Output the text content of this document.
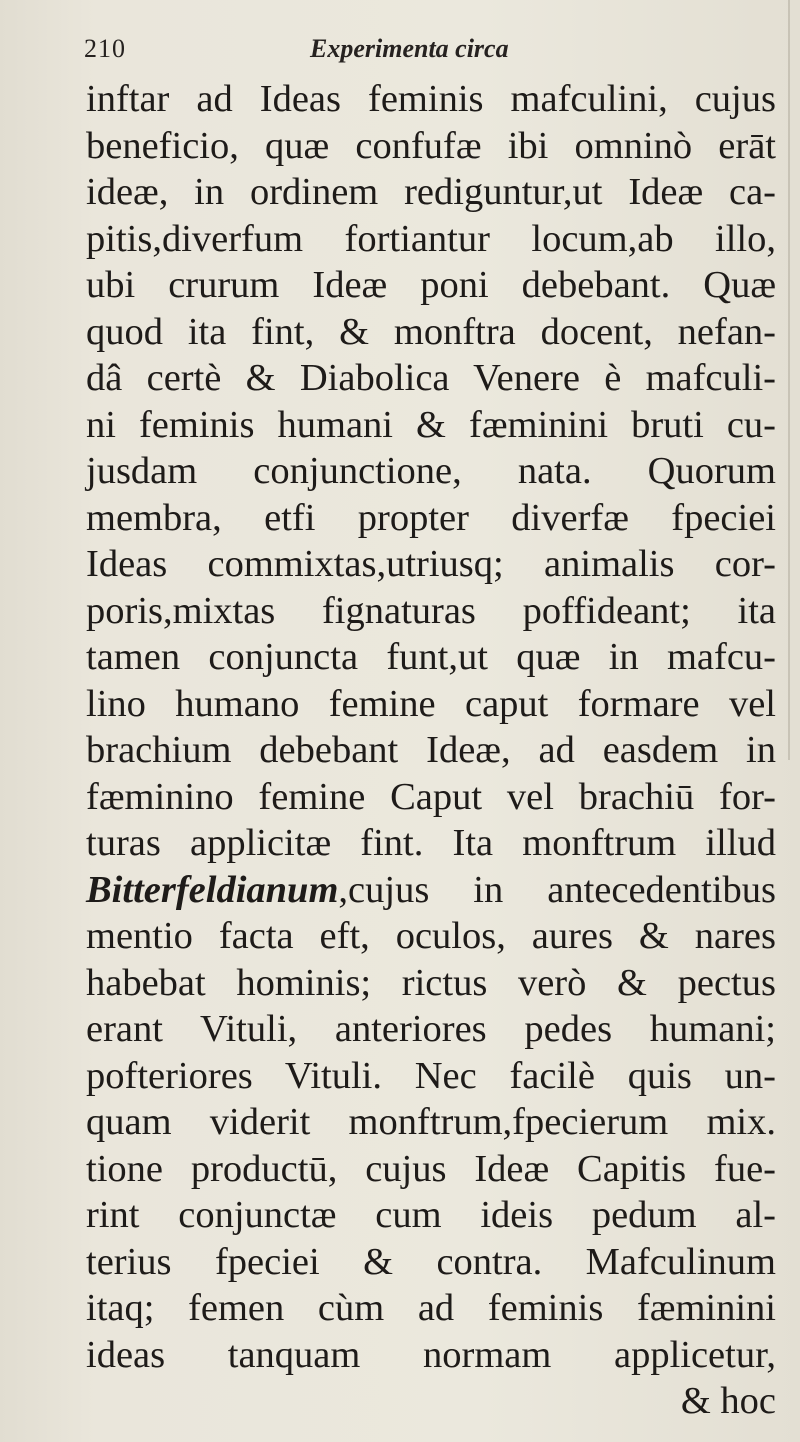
210	Experimenta circa
inftar ad Ideas feminis mafculini, cujus
beneficio, quæ confufæ ibi omninò erāt
ideæ, in ordinem rediguntur,ut Ideæ ca-
pitis,diverfum fortiantur locum,ab illo,
ubi crurum Ideæ poni debebant. Quæ
quod ita fint, & monftra docent, nefan-
dâ certè & Diabolica Venere è mafculi-
ni feminis humani & fæminini bruti cu-
jusdam conjunctione, nata. Quorum
membra, etfi propter diverfæ fpeciei
Ideas commixtas,utriusq; animalis cor-
poris,mixtas fignaturas poffideant; ita
tamen conjuncta funt,ut quæ in mafcu-
lino humano femine caput formare vel
brachium debebant Ideæ, ad easdem in
fæminino femine Caput vel brachiū for-
turas applicitæ fint. Ita monftrum illud
Bitterfeldianum,cujus in antecedentibus
mentio facta eft, oculos, aures & nares
habebat hominis; rictus verò & pectus
erant Vituli, anteriores pedes humani;
pofteriores Vituli. Nec facilè quis un-
quam viderit monftrum,fpecierum mix.
tione productū, cujus Ideæ Capitis fue-
rint conjunctæ cum ideis pedum al-
terius fpeciei & contra. Mafculinum
itaq; femen cùm ad feminis fæminini
ideas tanquam normam applicetur,
& hoc
